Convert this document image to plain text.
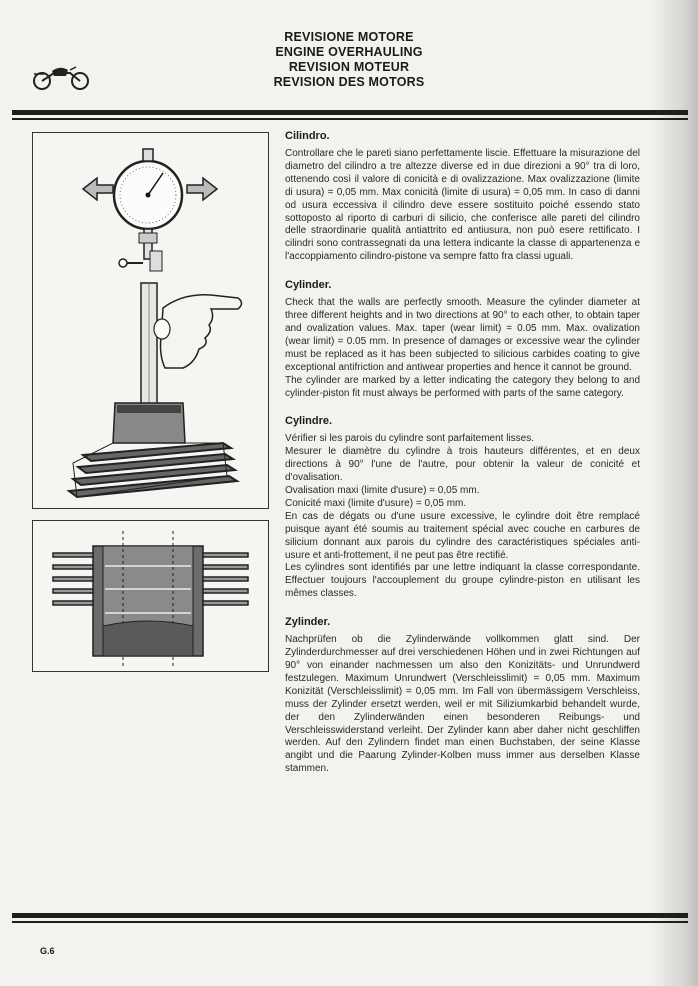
REVISIONE MOTORE
ENGINE OVERHAULING
REVISION MOTEUR
REVISION DES MOTORS
Cilindro.

Controllare che le pareti siano perfettamente liscie. Effettuare la misurazione del diametro del cilindro a tre altezze diverse ed in due direzioni a 90° tra di loro, ottenendo così il valore di conicità e di ovalizzazione. Max ovalizzazione (limite di usura) = 0,05 mm. Max conicità (limite di usura) = 0,05 mm. In caso di danni od usura eccessiva il cilindro deve essere sostituito poiché essendo stato sottoposto al riporto di carburi di silicio, che conferisce alle pareti del cilindro delle straordinarie qualità antiattrito ed antiusura, non può esere rettificato. I cilindri sono contrassegnati da una lettera indicante la classe di appartenenza e l'accoppiamento cilindro-pistone va sempre fatto fra classi uguali.

Cylinder.

Check that the walls are perfectly smooth. Measure the cylinder diameter at three different heights and in two directions at 90° to each other, to obtain taper and ovalization values. Max. taper (wear limit) = 0.05 mm. Max. ovalization (wear limit) = 0.05 mm. In presence of damages or excessive wear the cylinder must be replaced as it has been subjected to silicious carbides coating to give exceptional antifriction and antiwear properties and hence it cannot be ground.
The cylinder are marked by a letter indicating the category they belong to and cylinder-piston fit must always be performed with parts of the same category.

Cylindre.

Vérifier si les parois du cylindre sont parfaitement lisses.
Mesurer le diamètre du cylindre à trois hauteurs différentes, et en deux directions à 90° l'une de l'autre, pour obtenir la valeur de conicité et d'ovalisation.
Ovalisation maxi (limite d'usure) = 0,05 mm.
Conicité maxi (limite d'usure) = 0,05 mm.
En cas de dégats ou d'une usure excessive, le cylindre doit être remplacé puisque ayant été soumis au traitement spécial avec couche en carbures de silicium donnant aux parois du cylindre des caractéristiques spéciales anti-usure et anti-frottement, il ne peut pas être rectifié.
Les cylindres sont identifiés par une lettre indiquant la classe correspondante. Effectuer toujours l'accouplement du groupe cylindre-piston en utilisant les mêmes classes.

Zylinder.

Nachprüfen ob die Zylinderwände vollkommen glatt sind. Der Zylinderdurchmesser auf drei verschiedenen Höhen und in zwei Richtungen auf 90° von einander nachmessen um also den Konizitäts- und Unrundwerd festzulegen. Maximum Unrundwert (Verschleisslimit) = 0,05 mm. Maximum Konizität (Verschleisslimit) = 0,05 mm. Im Fall von übermässigem Verschleiss, muss der Zylinder ersetzt werden, weil er mit Siliziumkarbid behandelt wurde, der den Zylinderwänden einen besonderen Reibungs- und Verschleisswiderstand verleiht. Der Zylinder kann aber daher nicht geschliffen werden. Auf den Zylindern findet man einen Buchstaben, der seine Klasse angibt und die Paarung Zylinder-Kolben muss immer aus derselben Klasse stammen.

G.6
